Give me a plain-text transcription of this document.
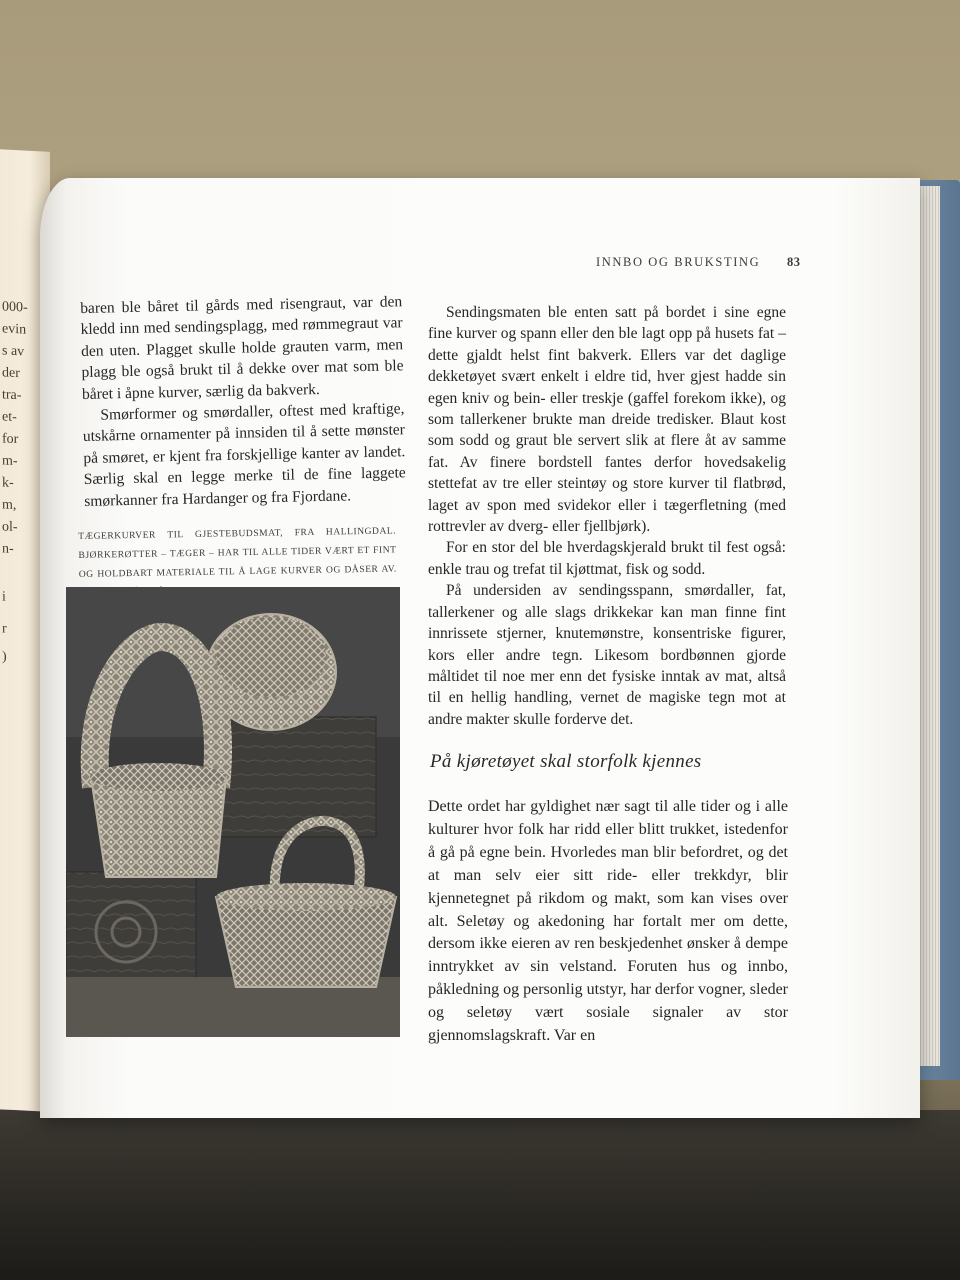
000-
evin
s av
der
tra-
et-
for
m-
k-
m,
ol-
n-
i
r
)
INNBO OG BRUKSTING 83

baren ble båret til gårds med risengraut, var den kledd inn med sendingsplagg, med rømmegraut var den uten. Plagget skulle holde grauten varm, men plagg ble også brukt til å dekke over mat som ble båret i åpne kurver, særlig da bakverk.

Smørformer og smørdaller, oftest med kraftige, utskårne ornamenter på innsiden til å sette mønster på smøret, er kjent fra forskjellige kanter av landet. Særlig skal en legge merke til de fine laggete smørkanner fra Hardanger og fra Fjordane.

TÆGERKURVER TIL GJESTEBUDSMAT, FRA HALLINGDAL. BJØRKERØTTER – TÆGER – HAR TIL ALLE TIDER VÆRT ET FINT OG HOLDBART MATERIALE TIL Å LAGE KURVER OG DÅSER AV.

Sendingsmaten ble enten satt på bordet i sine egne fine kurver og spann eller den ble lagt opp på husets fat – dette gjaldt helst fint bakverk. Ellers var det daglige dekketøyet svært enkelt i eldre tid, hver gjest hadde sin egen kniv og bein- eller treskje (gaffel forekom ikke), og som tallerkener brukte man dreide tredisker. Blaut kost som sodd og graut ble servert slik at flere åt av samme fat. Av finere bordstell fantes derfor hovedsakelig stettefat av tre eller steintøy og store kurver til flatbrød, laget av spon med svidekor eller i tægerfletning (med rottrevler av dverg- eller fjellbjørk).

For en stor del ble hverdagskjerald brukt til fest også: enkle trau og trefat til kjøttmat, fisk og sodd.

På undersiden av sendingsspann, smørdaller, fat, tallerkener og alle slags drikkekar kan man finne fint innrissete stjerner, knutemønstre, konsentriske figurer, kors eller andre tegn. Likesom bordbønnen gjorde måltidet til noe mer enn det fysiske inntak av mat, altså til en hellig handling, vernet de magiske tegn mot at andre makter skulle forderve det.

På kjøretøyet skal storfolk kjennes

Dette ordet har gyldighet nær sagt til alle tider og i alle kulturer hvor folk har ridd eller blitt trukket, istedenfor å gå på egne bein. Hvorledes man blir befordret, og det at man selv eier sitt ride- eller trekkdyr, blir kjennetegnet på rikdom og makt, som kan vises over alt. Seletøy og akedoning har fortalt mer om dette, dersom ikke eieren av ren beskjedenhet ønsker å dempe inntrykket av sin velstand. Foruten hus og innbo, påkledning og personlig utstyr, har derfor vogner, sleder og seletøy vært sosiale signaler av stor gjennomslagskraft. Var en
